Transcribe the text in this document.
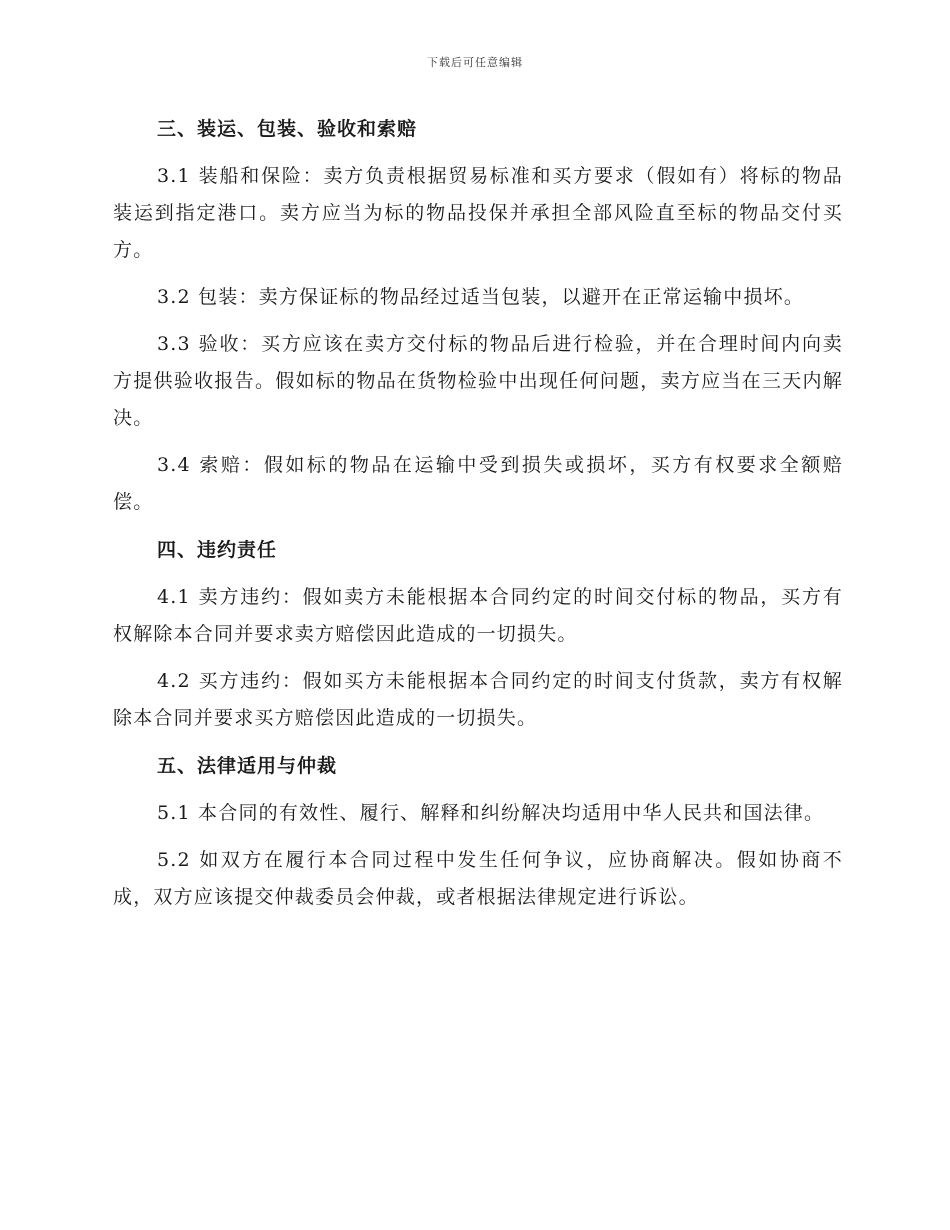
下载后可任意编辑
三、装运、包装、验收和索赔

3.1 装船和保险：卖方负责根据贸易标准和买方要求（假如有）将标的物品装运到指定港口。卖方应当为标的物品投保并承担全部风险直至标的物品交付买方。

3.2 包装：卖方保证标的物品经过适当包装，以避开在正常运输中损坏。

3.3 验收：买方应该在卖方交付标的物品后进行检验，并在合理时间内向卖方提供验收报告。假如标的物品在货物检验中出现任何问题，卖方应当在三天内解决。

3.4 索赔：假如标的物品在运输中受到损失或损坏，买方有权要求全额赔偿。

四、违约责任

4.1 卖方违约：假如卖方未能根据本合同约定的时间交付标的物品，买方有权解除本合同并要求卖方赔偿因此造成的一切损失。

4.2 买方违约：假如买方未能根据本合同约定的时间支付货款，卖方有权解除本合同并要求买方赔偿因此造成的一切损失。

五、法律适用与仲裁

5.1 本合同的有效性、履行、解释和纠纷解决均适用中华人民共和国法律。

5.2 如双方在履行本合同过程中发生任何争议，应协商解决。假如协商不成，双方应该提交仲裁委员会仲裁，或者根据法律规定进行诉讼。
